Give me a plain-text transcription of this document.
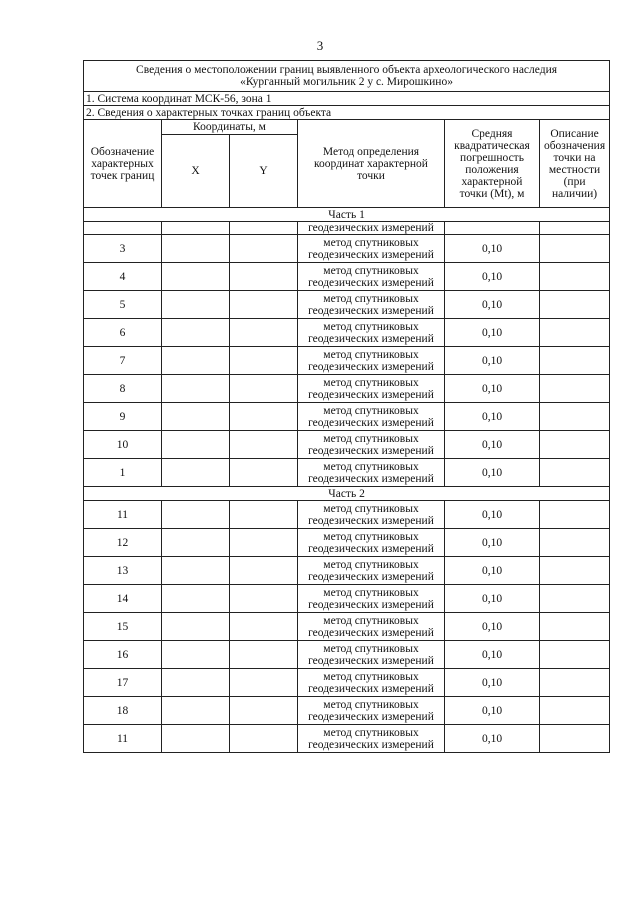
3
Сведения о местоположении границ выявленного объекта археологического наследия
«Курганный могильник 2 у с. Мирошкино»					
1. Система координат МСК-56, зона 1					
2. Сведения о характерных точках границ объекта					
Обозначение характерных точек границ	Координаты, м		Метод определения координат характерной точки	Средняя квадратическая погрешность положения характерной точки (Mt), м	Описание обозначения точки на местности (при наличии)
	X	Y			
Часть 1					
			геодезических измерений		
3			метод спутниковых
геодезических измерений	0,10	
4			метод спутниковых
геодезических измерений	0,10	
5			метод спутниковых
геодезических измерений	0,10	
6			метод спутниковых
геодезических измерений	0,10	
7			метод спутниковых
геодезических измерений	0,10	
8			метод спутниковых
геодезических измерений	0,10	
9			метод спутниковых
геодезических измерений	0,10	
10			метод спутниковых
геодезических измерений	0,10	
1			метод спутниковых
геодезических измерений	0,10	
Часть 2					
11			метод спутниковых
геодезических измерений	0,10	
12			метод спутниковых
геодезических измерений	0,10	
13			метод спутниковых
геодезических измерений	0,10	
14			метод спутниковых
геодезических измерений	0,10	
15			метод спутниковых
геодезических измерений	0,10	
16			метод спутниковых
геодезических измерений	0,10	
17			метод спутниковых
геодезических измерений	0,10	
18			метод спутниковых
геодезических измерений	0,10	
11			метод спутниковых
геодезических измерений	0,10	
